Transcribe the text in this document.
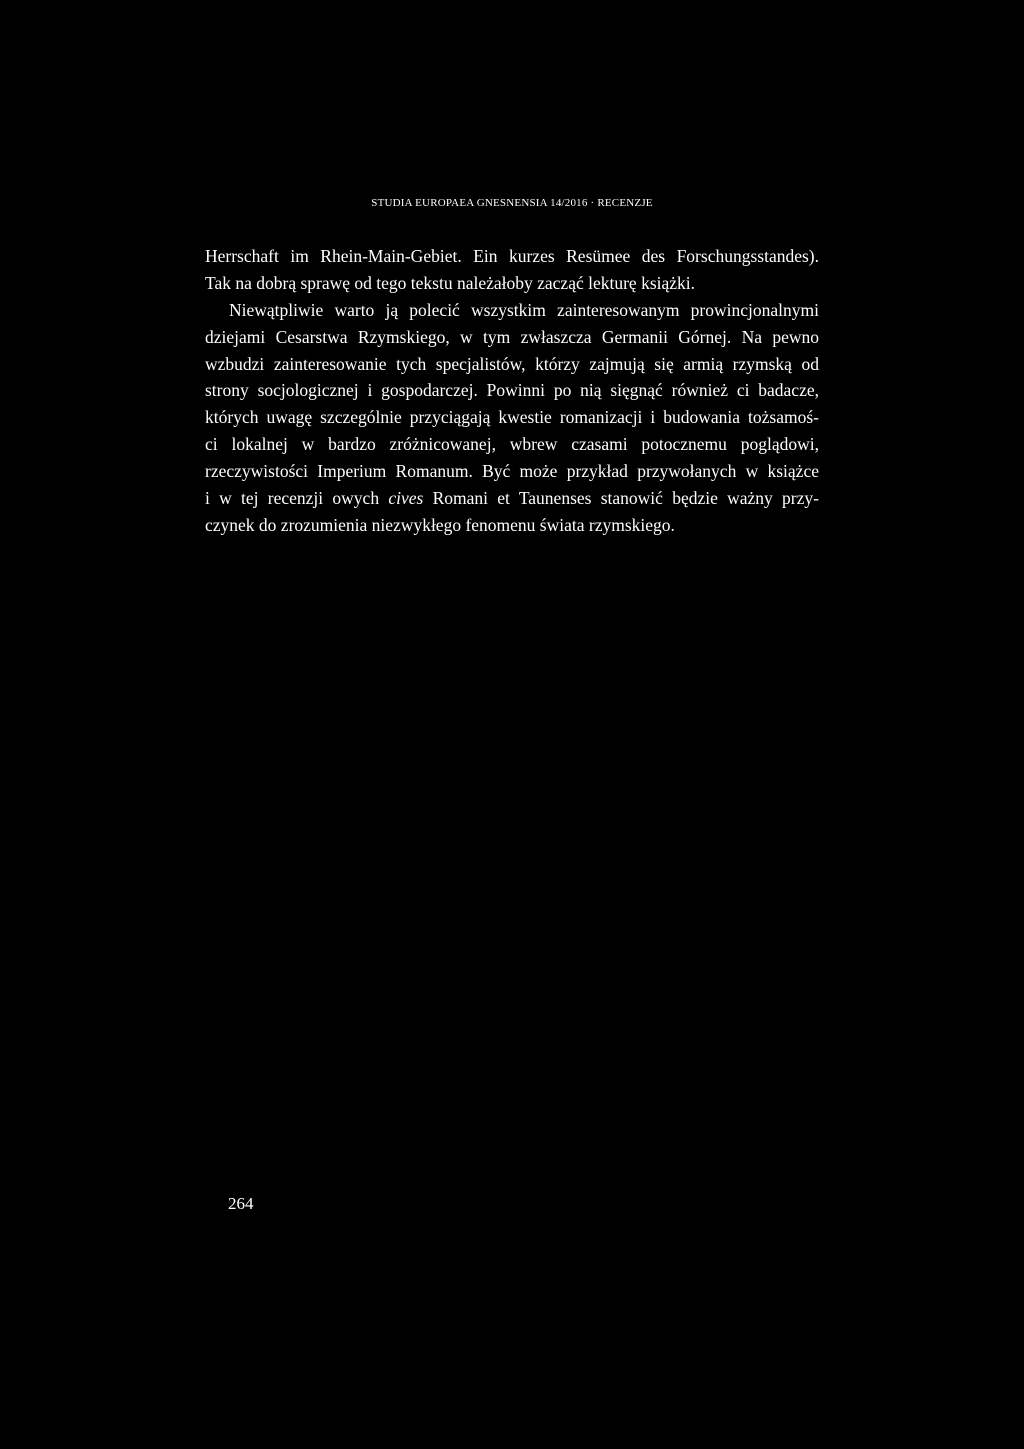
STUDIA EUROPAEA GNESNENSIA 14/2016 · RECENZJE
Herrschaft im Rhein-Main-Gebiet. Ein kurzes Resümee des Forschungsstandes).
Tak na dobrą sprawę od tego tekstu należałoby zacząć lekturę książki.
Niewątpliwie warto ją polecić wszystkim zainteresowanym prowincjonalnymi
dziejami Cesarstwa Rzymskiego, w tym zwłaszcza Germanii Górnej. Na pewno
wzbudzi zainteresowanie tych specjalistów, którzy zajmują się armią rzymską od
strony socjologicznej i gospodarczej. Powinni po nią sięgnąć również ci badacze,
których uwagę szczególnie przyciągają kwestie romanizacji i budowania tożsamoś-
ci lokalnej w bardzo zróżnicowanej, wbrew czasami potocznemu poglądowi,
rzeczywistości Imperium Romanum. Być może przykład przywołanych w książce
i w tej recenzji owych cives Romani et Taunenses stanowić będzie ważny przy-
czynek do zrozumienia niezwykłego fenomenu świata rzymskiego.
264
